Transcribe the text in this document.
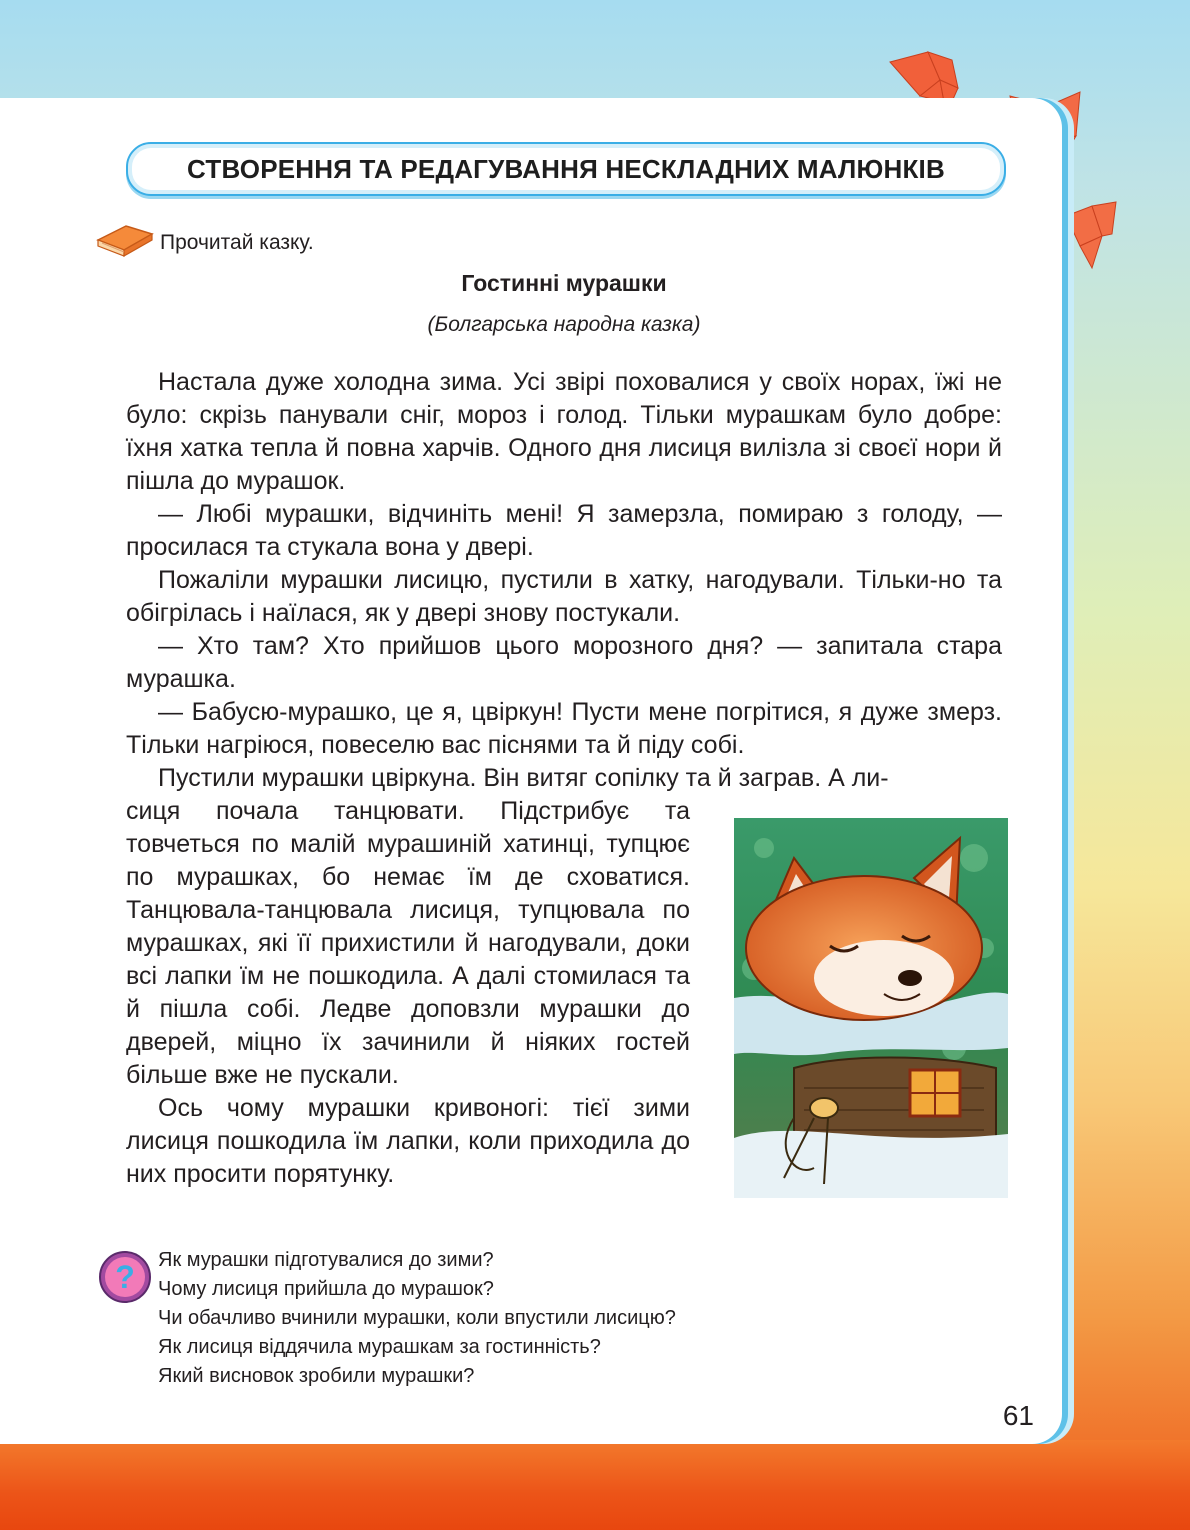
СТВОРЕННЯ ТА РЕДАГУВАННЯ НЕСКЛАДНИХ МАЛЮНКІВ
Прочитай казку.
Гостинні мурашки
(Болгарська народна казка)

Настала дуже холодна зима. Усі звірі поховалися у своїх норах, їжі не було: скрізь панували сніг, мороз і голод. Тільки мурашкам було добре: їхня хатка тепла й повна харчів. Одного дня лисиця вилізла зі своєї нори й пішла до мурашок.

— Любі мурашки, відчиніть мені! Я замерзла, помираю з голоду, — просилася та стукала вона у двері.

Пожаліли мурашки лисицю, пустили в хатку, нагодували. Тільки-но та обігрілась і наїлася, як у двері знову постукали.

— Хто там? Хто прийшов цього морозного дня? — запитала стара мурашка.

— Бабусю-мурашко, це я, цвіркун! Пусти мене погрітися, я дуже змерз. Тільки нагріюся, повеселю вас піснями та й піду собі.

Пустили мурашки цвіркуна. Він витяг сопілку та й заграв. А ли-

сиця почала танцювати. Підстрибує та товчеться по малій мурашиній хатинці, тупцює по мурашках, бо немає їм де сховатися. Танцювала-танцювала лисиця, тупцювала по мурашках, які її прихистили й нагодували, доки всі лапки їм не пошкодила. А далі стомилася та й пішла собі. Ледве доповзли мурашки до дверей, міцно їх зачинили й ніяких гостей більше вже не пускали.

Ось чому мурашки кривоногі: тієї зими лисиця пошкодила їм лапки, коли приходила до них просити порятунку.

? Як мурашки підготувалися до зими?
Чому лисиця прийшла до мурашок?
Чи обачливо вчинили мурашки, коли впустили лисицю?
Як лисиця віддячила мурашкам за гостинність?
Який висновок зробили мурашки?
61
